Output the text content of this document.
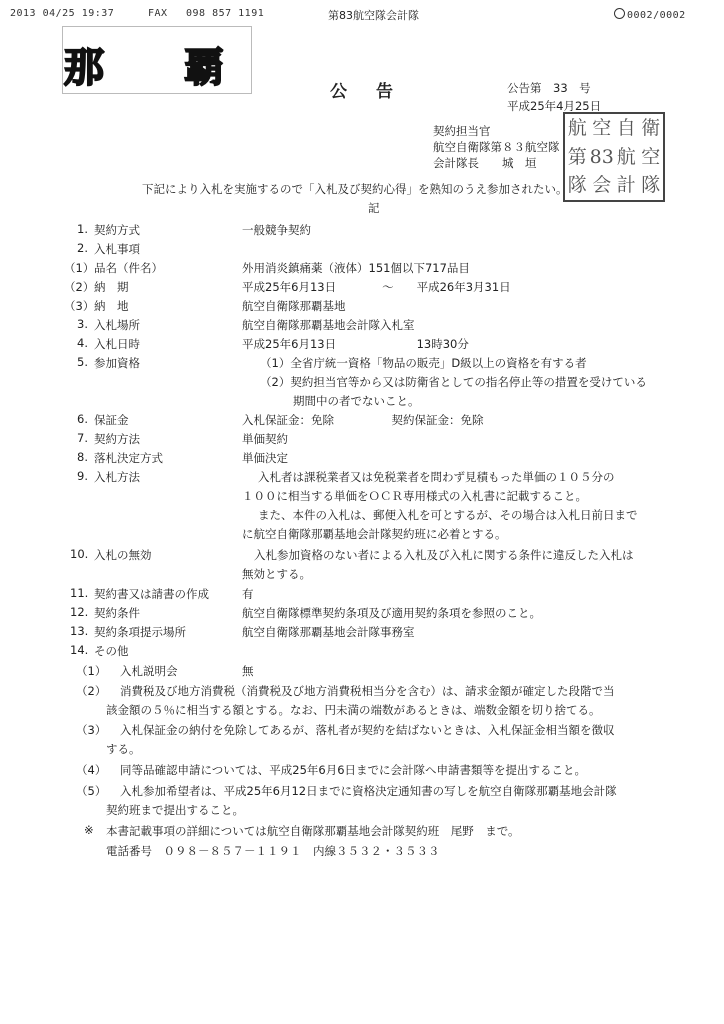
2013 04/25 19:37	FAX 098 857 1191	第83航空隊会計隊	0002/0002
那 覇
公　告	公告第　33　号
平成25年4月25日
契約担当官
航空自衛隊第８３航空隊
会計隊長　　城　垣
航 空 自 衛
第 83 航 空
隊 会 計 隊
下記により入札を実施するので「入札及び契約心得」を熟知のうえ参加されたい。
記
1. 契約方式	一般競争契約
2. 入札事項
（1） 品名（件名）	外用消炎鎮痛薬（液体）151個以下717品目
（2） 納　期	平成25年6月13日　　　　〜　　平成26年3月31日
（3） 納　地	航空自衛隊那覇基地
3. 入札場所	航空自衛隊那覇基地会計隊入札室
4. 入札日時	平成25年6月13日　　　　　　　13時30分
5. 参加資格	（1）全省庁統一資格「物品の販売」D級以上の資格を有する者
（2）契約担当官等から又は防衛省としての指名停止等の措置を受けている
期間中の者でないこと。
6. 保証金	入札保証金：免除　　　　　契約保証金：免除
7. 契約方法	単価契約
8. 落札決定方式	単価決定
9. 入札方法	入札者は課税業者又は免税業者を問わず見積もった単価の１０５分の
１００に相当する単価をＯＣＲ専用様式の入札書に記載すること。
また、本件の入札は、郵便入札を可とするが、その場合は入札日前日まで
に航空自衛隊那覇基地会計隊契約班に必着とする。
10. 入札の無効	入札参加資格のない者による入札及び入札に関する条件に違反した入札は
無効とする。
11. 契約書又は請書の作成	有
12. 契約条件	航空自衛隊標準契約条項及び適用契約条項を参照のこと。
13. 契約条項提示場所	航空自衛隊那覇基地会計隊事務室
14. その他
（1） 入札説明会	無
（2） 消費税及び地方消費税（消費税及び地方消費税相当分を含む）は、請求金額が確定した段階で当
該金額の５％に相当する額とする。なお、円未満の端数があるときは、端数金額を切り捨てる。
（3） 入札保証金の納付を免除してあるが、落札者が契約を結ばないときは、入札保証金相当額を徴収
する。
（4） 同等品確認申請については、平成25年6月6日までに会計隊へ申請書類等を提出すること。
（5） 入札参加希望者は、平成25年6月12日までに資格決定通知書の写しを航空自衛隊那覇基地会計隊
契約班まで提出すること。
※ 本書記載事項の詳細については航空自衛隊那覇基地会計隊契約班　尾野　まで。
電話番号　０９８－８５７－１１９１　内線３５３２・３５３３
